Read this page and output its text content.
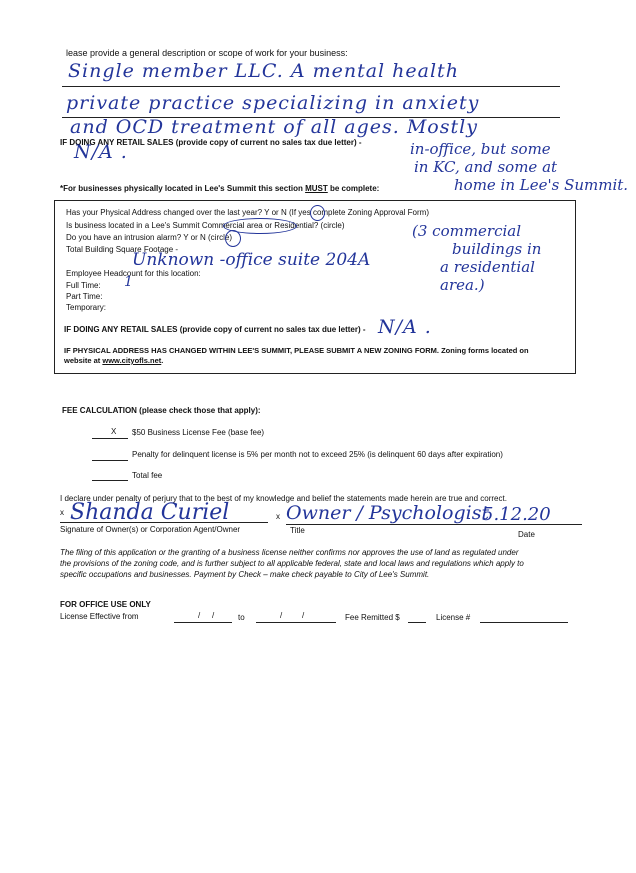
lease provide a general description or scope of work for your business:
Single member LLC. A mental health
private practice specializing in anxiety
and OCD treatment of all ages. Mostly
IF DOING ANY RETAIL SALES (provide copy of current no sales tax due letter) -
N/A .	in-office, but some
in KC, and some at
home in Lee's Summit.
*For businesses physically located in Lee's Summit this section MUST be complete:
Has your Physical Address changed over the last year? Y or N (If yes complete Zoning Approval Form)
Is business located in a Lee's Summit Commercial area or Residential? (circle)
Do you have an intrusion alarm? Y or N (circle)
Total Building Square Footage -
Unknown -office suite 204A
(3 commercial
buildings in
a residential
area.)
Employee Headcount for this location:
Full Time: 1
Part Time:
Temporary:
IF DOING ANY RETAIL SALES (provide copy of current no sales tax due letter) - N/A .
IF PHYSICAL ADDRESS HAS CHANGED WITHIN LEE'S SUMMIT, PLEASE SUBMIT A NEW ZONING FORM. Zoning forms located on
website at www.cityofls.net.
FEE CALCULATION (please check those that apply):
X $50 Business License Fee (base fee)
Penalty for delinquent license is 5% per month not to exceed 25% (is delinquent 60 days after expiration)
Total fee
I declare under penalty of perjury that to the best of my knowledge and belief the statements made herein are true and correct.
x Shanda Curiel	x Owner / Psychologist
5.12.20
Signature of Owner(s) or Corporation Agent/Owner	Title	Date
The filing of this application or the granting of a business license neither confirms nor approves the use of land as regulated under
the provisions of the zoning code, and is further subject to all applicable federal, state and local laws and regulations which apply to
specific occupations and businesses. Payment by Check – make check payable to City of Lee's Summit.
FOR OFFICE USE ONLY
License Effective from	/ /	to	/ /	Fee Remitted $	License #
